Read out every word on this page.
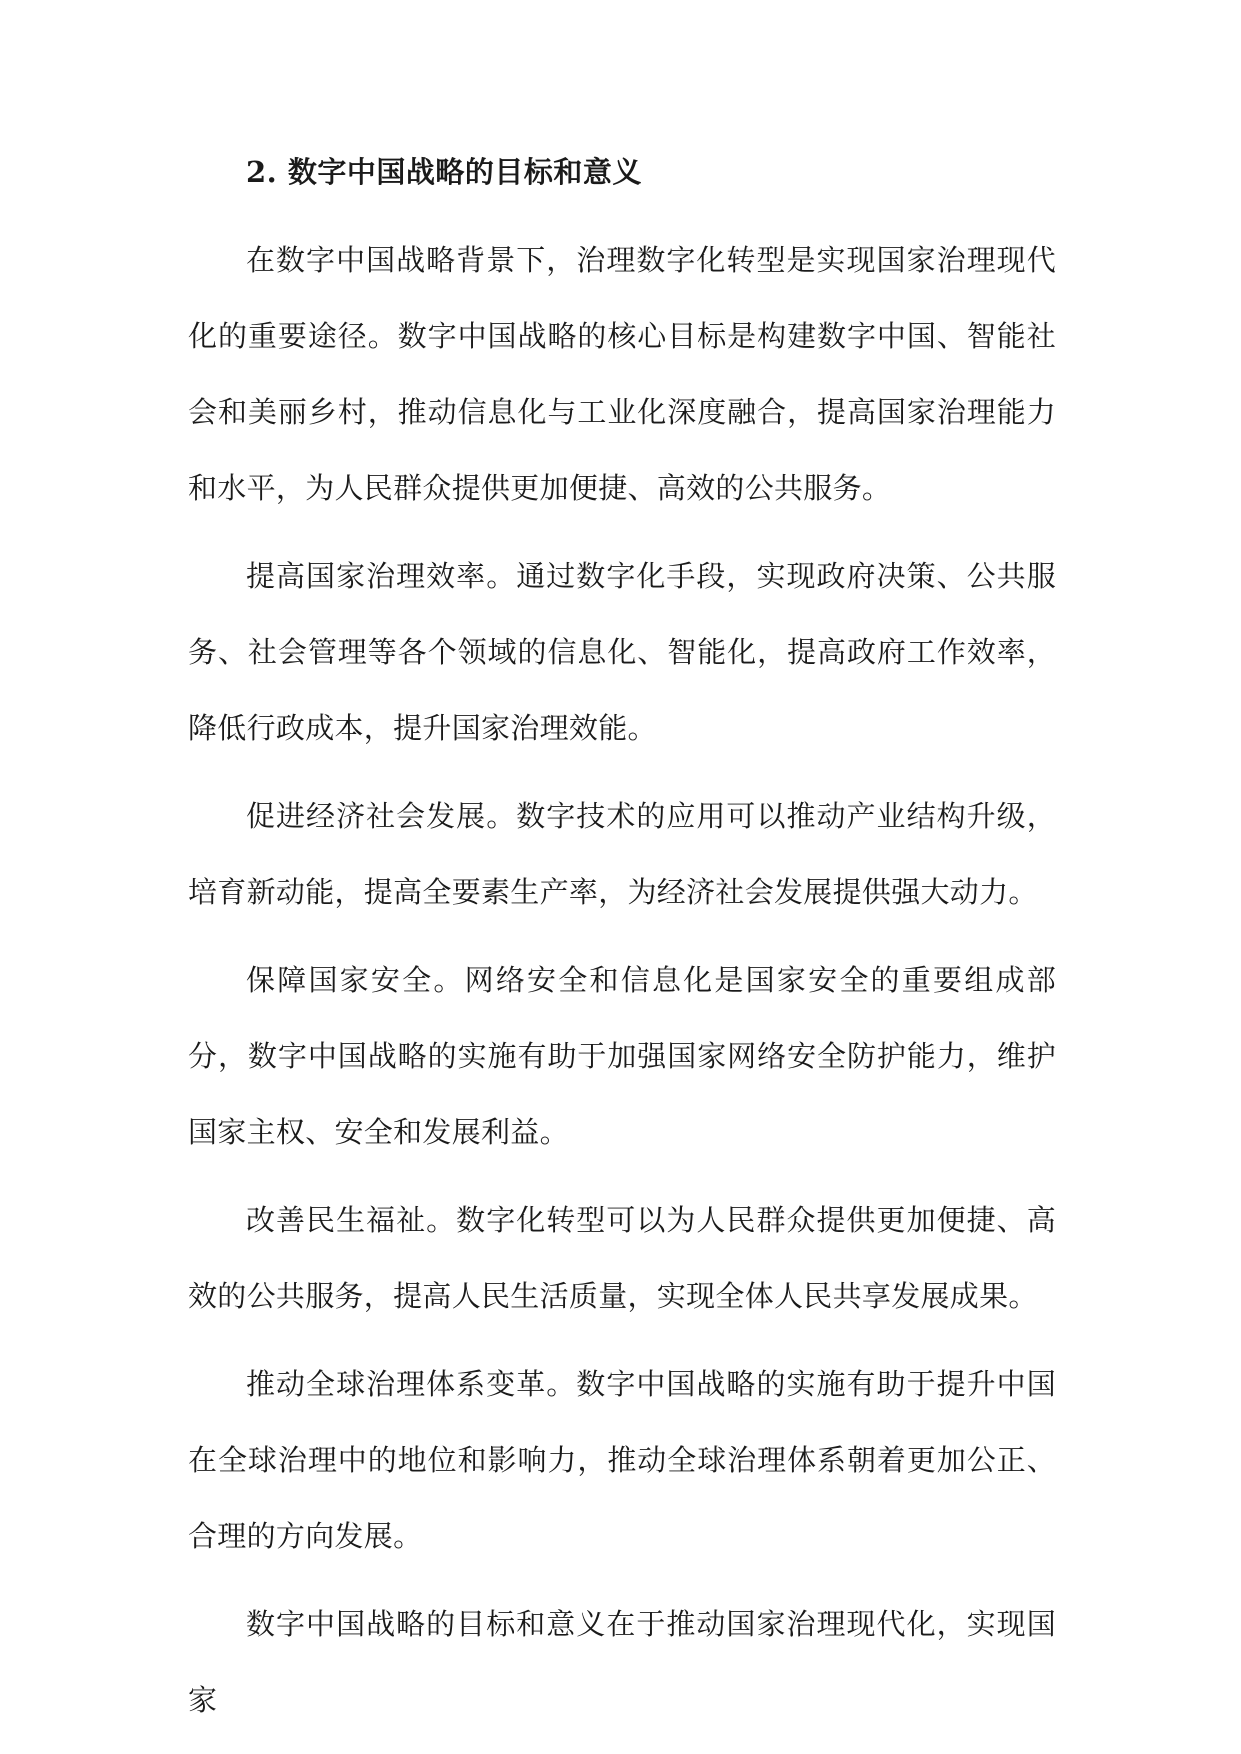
2. 数字中国战略的目标和意义

在数字中国战略背景下，治理数字化转型是实现国家治理现代化的重要途径。数字中国战略的核心目标是构建数字中国、智能社会和美丽乡村，推动信息化与工业化深度融合，提高国家治理能力和水平，为人民群众提供更加便捷、高效的公共服务。

提高国家治理效率。通过数字化手段，实现政府决策、公共服务、社会管理等各个领域的信息化、智能化，提高政府工作效率，降低行政成本，提升国家治理效能。

促进经济社会发展。数字技术的应用可以推动产业结构升级，培育新动能，提高全要素生产率，为经济社会发展提供强大动力。

保障国家安全。网络安全和信息化是国家安全的重要组成部分，数字中国战略的实施有助于加强国家网络安全防护能力，维护国家主权、安全和发展利益。

改善民生福祉。数字化转型可以为人民群众提供更加便捷、高效的公共服务，提高人民生活质量，实现全体人民共享发展成果。

推动全球治理体系变革。数字中国战略的实施有助于提升中国在全球治理中的地位和影响力，推动全球治理体系朝着更加公正、合理的方向发展。

数字中国战略的目标和意义在于推动国家治理现代化，实现国家
